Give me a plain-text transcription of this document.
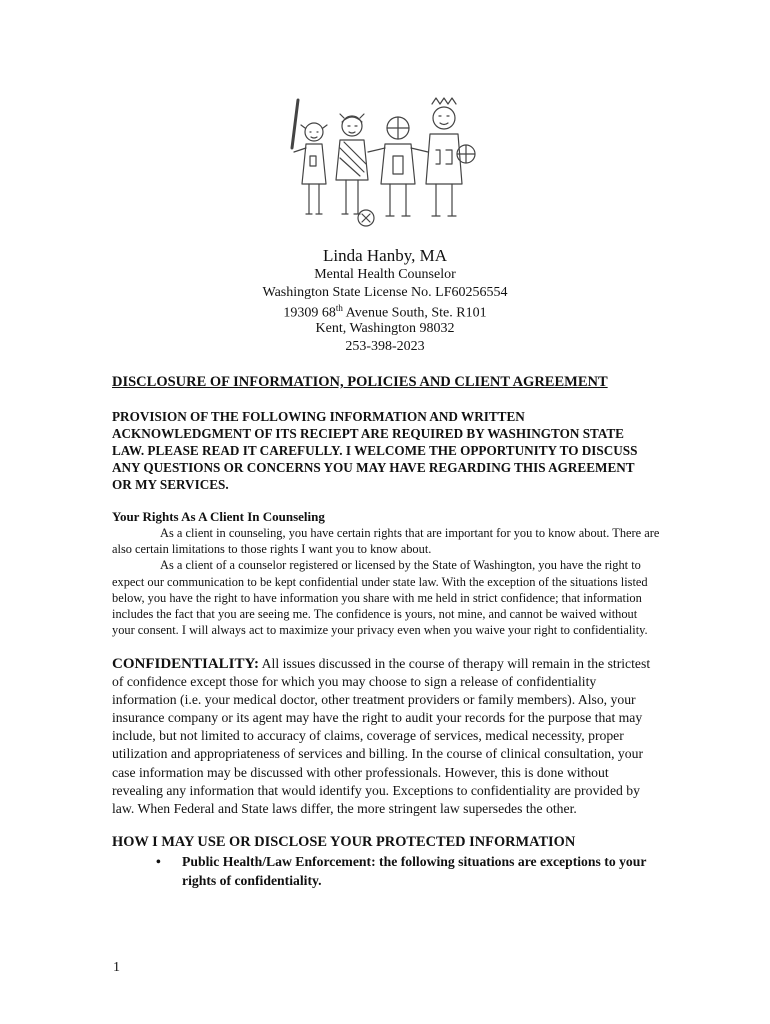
Linda Hanby, MA
Mental Health Counselor
Washington State License No. LF60256554
19309 68th Avenue South, Ste. R101
Kent, Washington 98032
253-398-2023
DISCLOSURE OF INFORMATION, POLICIES AND CLIENT AGREEMENT
PROVISION OF THE FOLLOWING INFORMATION AND WRITTEN ACKNOWLEDGMENT OF ITS RECIEPT ARE REQUIRED BY WASHINGTON STATE LAW. PLEASE READ IT CAREFULLY. I WELCOME THE OPPORTUNITY TO DISCUSS ANY QUESTIONS OR CONCERNS YOU MAY HAVE REGARDING THIS AGREEMENT OR MY SERVICES.
Your Rights As A Client In Counseling

As a client in counseling, you have certain rights that are important for you to know about. There are also certain limitations to those rights I want you to know about.

As a client of a counselor registered or licensed by the State of Washington, you have the right to expect our communication to be kept confidential under state law. With the exception of the situations listed below, you have the right to have information you share with me held in strict confidence; that information includes the fact that you are seeing me. The confidence is yours, not mine, and cannot be waived without your consent. I will always act to maximize your privacy even when you waive your right to confidentiality.

CONFIDENTIALITY: All issues discussed in the course of therapy will remain in the strictest of confidence except those for which you may choose to sign a release of confidentiality information (i.e. your medical doctor, other treatment providers or family members). Also, your insurance company or its agent may have the right to audit your records for the purpose that may include, but not limited to accuracy of claims, coverage of services, medical necessity, proper utilization and appropriateness of services and billing. In the course of clinical consultation, your case information may be discussed with other professionals. However, this is done without revealing any information that would identify you. Exceptions to confidentiality are provided by law. When Federal and State laws differ, the more stringent law supersedes the other.
HOW I MAY USE OR DISCLOSE YOUR PROTECTED INFORMATION
•	Public Health/Law Enforcement: the following situations are exceptions to your rights of confidentiality.
1
